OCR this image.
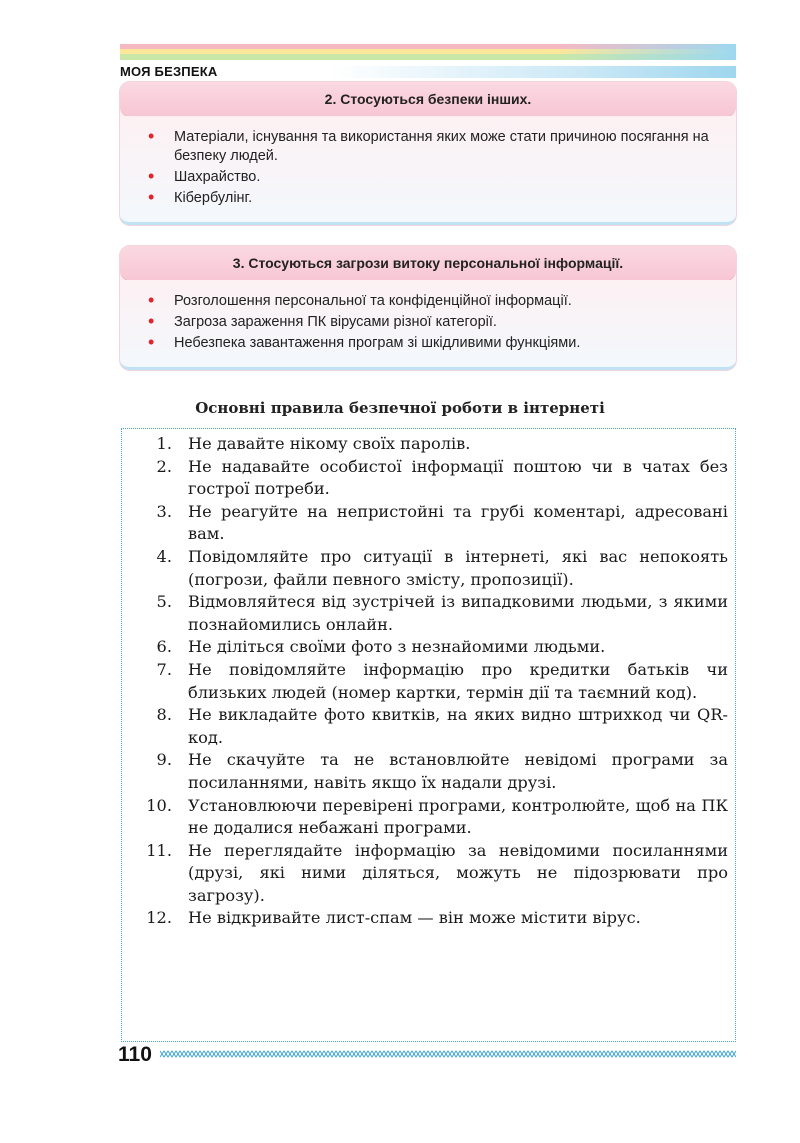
МОЯ БЕЗПЕКА
2. Стосуються безпеки інших.
• Матеріали, існування та використання яких може стати причиною посягання на безпеку людей.
• Шахрайство.
• Кібербулінг.
3. Стосуються загрози витоку персональної інформації.
• Розголошення персональної та конфіденційної інформації.
• Загроза зараження ПК вірусами різної категорії.
• Небезпека завантаження програм зі шкідливими функціями.
Основні правила безпечної роботи в інтернеті
1. Не давайте нікому своїх паролів.
2. Не надавайте особистої інформації поштою чи в чатах без гострої потреби.
3. Не реагуйте на непристойні та грубі коментарі, адресовані вам.
4. Повідомляйте про ситуації в інтернеті, які вас непокоять (погрози, файли певного змісту, пропозиції).
5. Відмовляйтеся від зустрічей із випадковими людьми, з якими познайомились онлайн.
6. Не діліться своїми фото з незнайомими людьми.
7. Не повідомляйте інформацію про кредитки батьків чи близьких людей (номер картки, термін дії та таємний код).
8. Не викладайте фото квитків, на яких видно штрихкод чи QR-код.
9. Не скачуйте та не встановлюйте невідомі програми за посиланнями, навіть якщо їх надали друзі.
10. Установлюючи перевірені програми, контролюйте, щоб на ПК не додалися небажані програми.
11. Не переглядайте інформацію за невідомими посиланнями (друзі, які ними діляться, можуть не підозрювати про загрозу).
12. Не відкривайте лист-спам — він може містити вірус.
110
